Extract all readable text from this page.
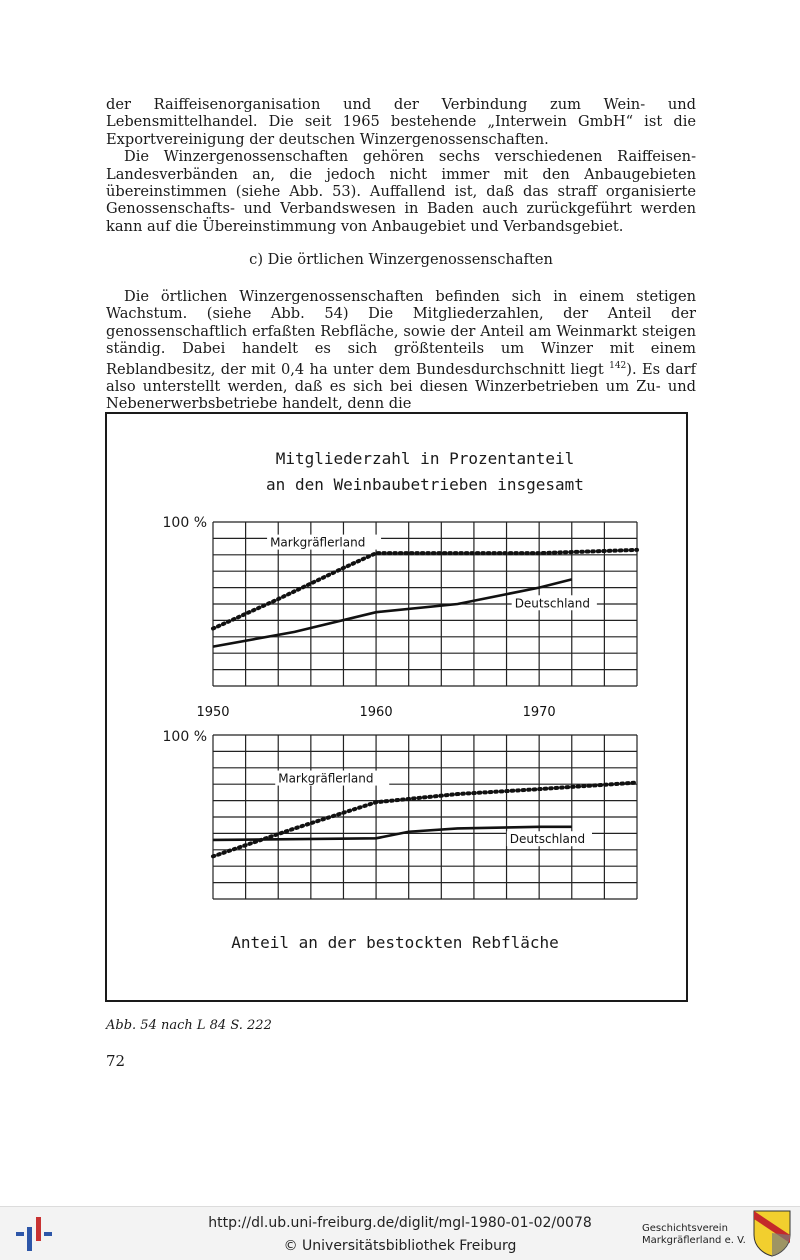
der Raiffeisenorganisation und der Verbindung zum Wein- und Lebensmittelhandel. Die seit 1965 bestehende „Interwein GmbH“ ist die Exportvereinigung der deutschen Winzergenossenschaften.

Die Winzergenossenschaften gehören sechs verschiedenen Raiffeisen-Landesverbänden an, die jedoch nicht immer mit den Anbaugebieten übereinstimmen (siehe Abb. 53). Auffallend ist, daß das straff organisierte Genossenschafts- und Verbandswesen in Baden auch zurückgeführt werden kann auf die Übereinstimmung von Anbaugebiet und Verbandsgebiet.

c) Die örtlichen Winzergenossenschaften

Die örtlichen Winzergenossenschaften befinden sich in einem stetigen Wachstum. (siehe Abb. 54) Die Mitgliederzahlen, der Anteil der genossenschaftlich erfaßten Rebfläche, sowie der Anteil am Weinmarkt steigen ständig. Dabei handelt es sich größtenteils um Winzer mit einem Reblandbesitz, der mit 0,4 ha unter dem Bundesdurchschnitt liegt $^{142}$). Es darf also unterstellt werden, daß es sich bei diesen Winzerbetrieben um Zu- und Nebenerwerbsbetriebe handelt, denn die

Mitgliederzahl in Prozentanteil
an den Weinbaubetrieben insgesamt
100 %
Markgräflerland
Deutschland
1950	1960	1970
100 %
Markgräflerland
Deutschland
Anteil an der bestockten Rebfläche
Abb. 54 nach L 84 S. 222
72
http://dl.ub.uni-freiburg.de/diglit/mgl-1980-01-02/0078
© Universitätsbibliothek Freiburg
Geschichtsverein
Markgräflerland e. V.
